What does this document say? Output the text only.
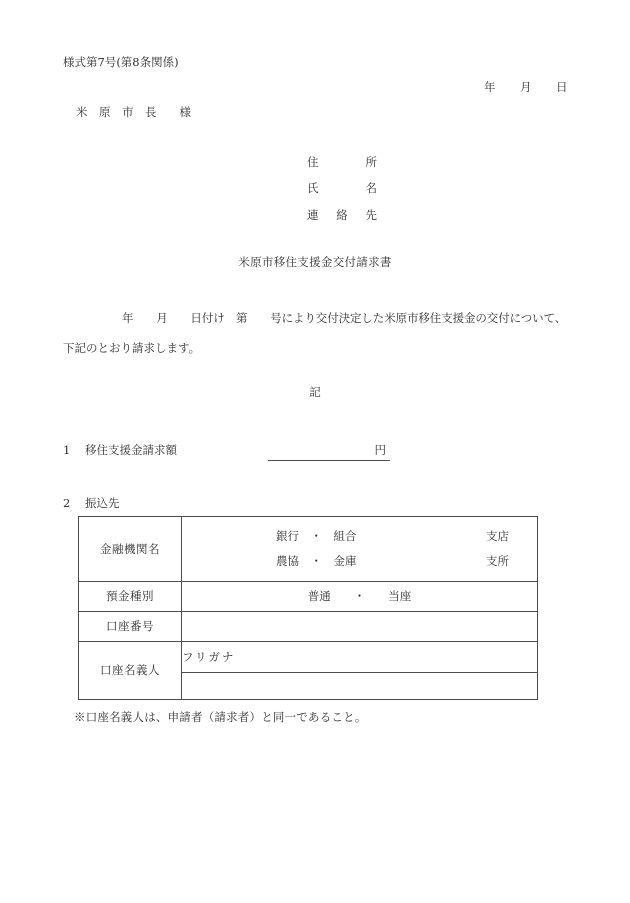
様式第7号(第8条関係)
年　　月　　日
米　原　市　長　　様
住　　所
氏　　名
連　絡　先
米原市移住支援金交付請求書
年　　月　　日付け　第　　号により交付決定した米原市移住支援金の交付について、
下記のとおり請求します。
記
1 移住支援金請求額	円
2 振込先
金融機関名	銀行　・　組合 支店
農協　・　金庫 支所

預金種別	普通　　・　　当座
口座番号	
口座名義人	フリガナ

※口座名義人は、申請者（請求者）と同一であること。
